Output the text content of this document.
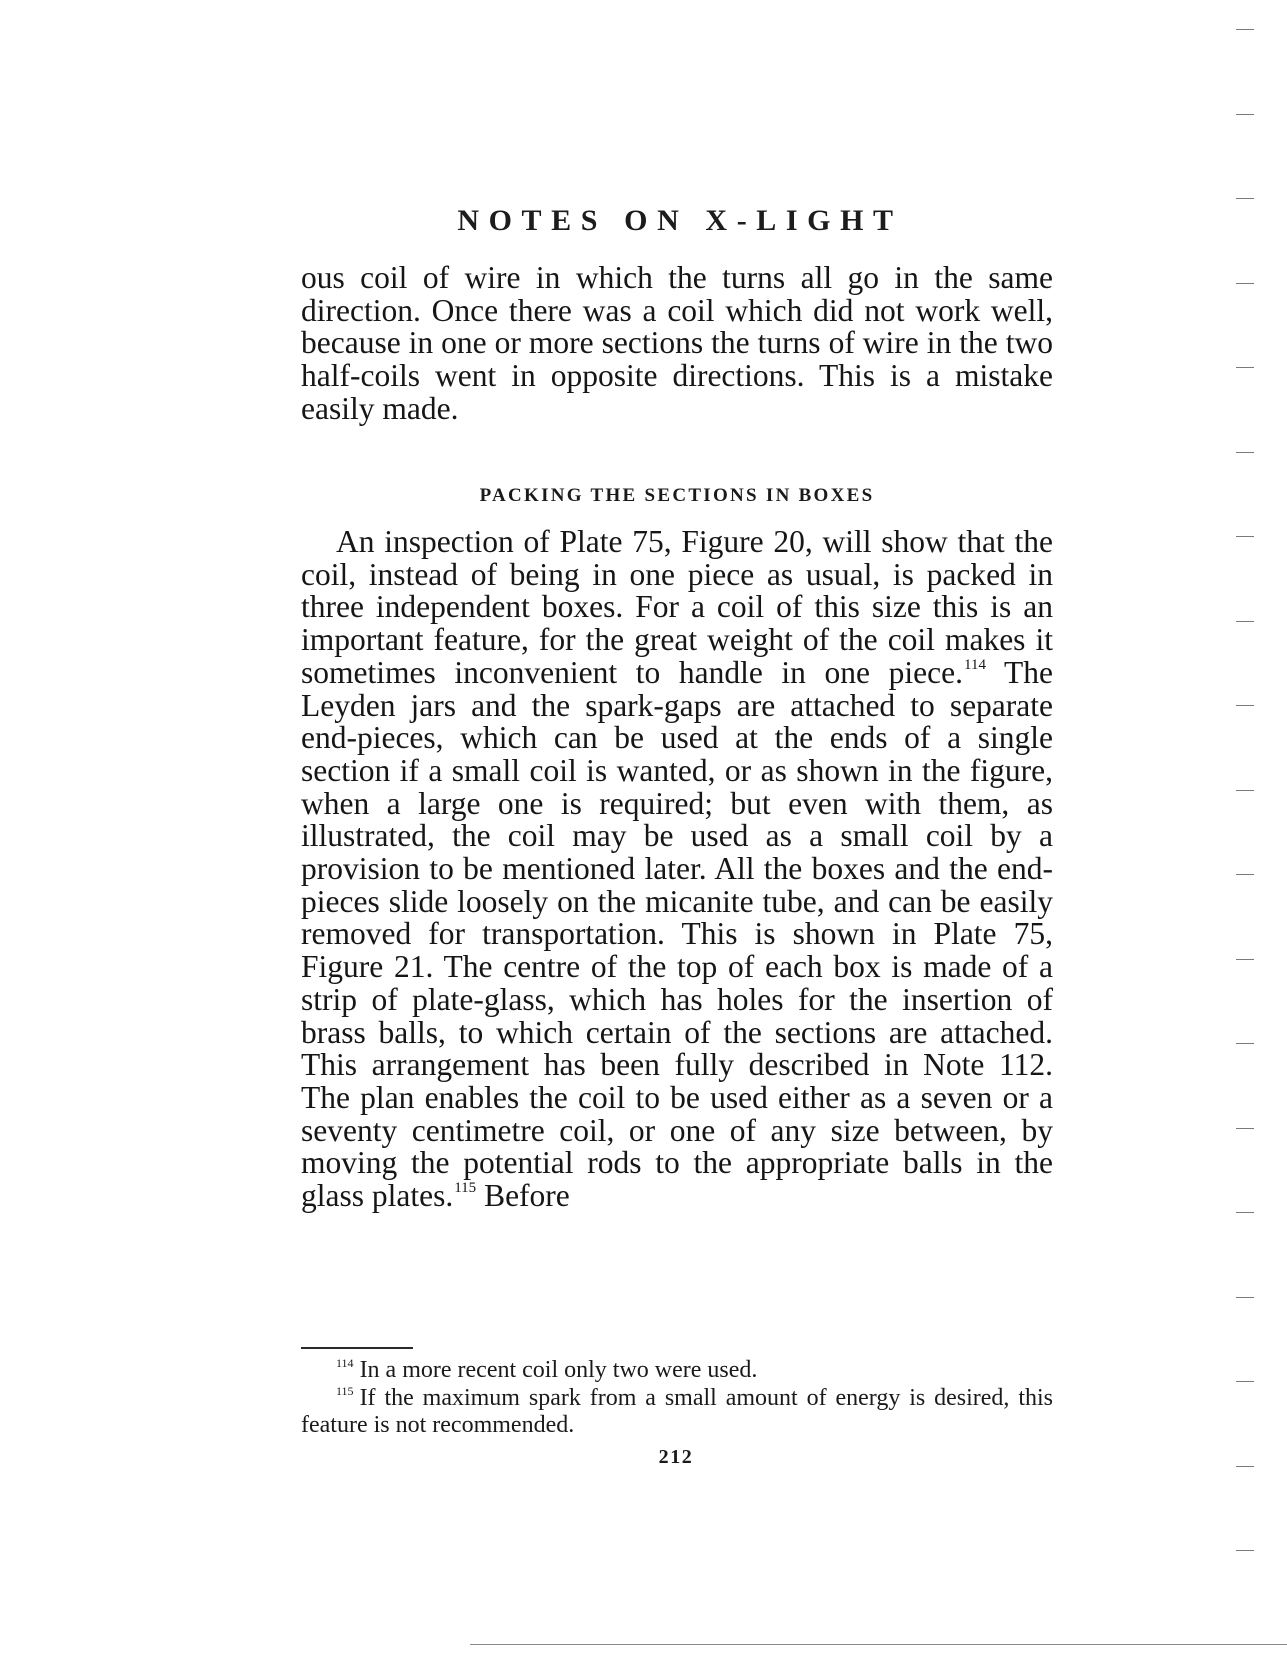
NOTES ON X-LIGHT

ous coil of wire in which the turns all go in the same direction. Once there was a coil which did not work well, because in one or more sections the turns of wire in the two half-coils went in opposite directions. This is a mistake easily made.

PACKING THE SECTIONS IN BOXES

An inspection of Plate 75, Figure 20, will show that the coil, instead of being in one piece as usual, is packed in three independent boxes. For a coil of this size this is an important feature, for the great weight of the coil makes it sometimes inconvenient to handle in one piece.$^{114}$ The Leyden jars and the spark-gaps are attached to separate end-pieces, which can be used at the ends of a single section if a small coil is wanted, or as shown in the figure, when a large one is required; but even with them, as illustrated, the coil may be used as a small coil by a provision to be mentioned later. All the boxes and the end-pieces slide loosely on the micanite tube, and can be easily removed for transportation. This is shown in Plate 75, Figure 21. The centre of the top of each box is made of a strip of plate-glass, which has holes for the insertion of brass balls, to which certain of the sections are attached. This arrangement has been fully described in Note 112. The plan enables the coil to be used either as a seven or a seventy centimetre coil, or one of any size between, by moving the potential rods to the appropriate balls in the glass plates.$^{115}$ Before

$^{114}$ In a more recent coil only two were used.

$^{115}$ If the maximum spark from a small amount of energy is desired, this feature is not recommended.

212
